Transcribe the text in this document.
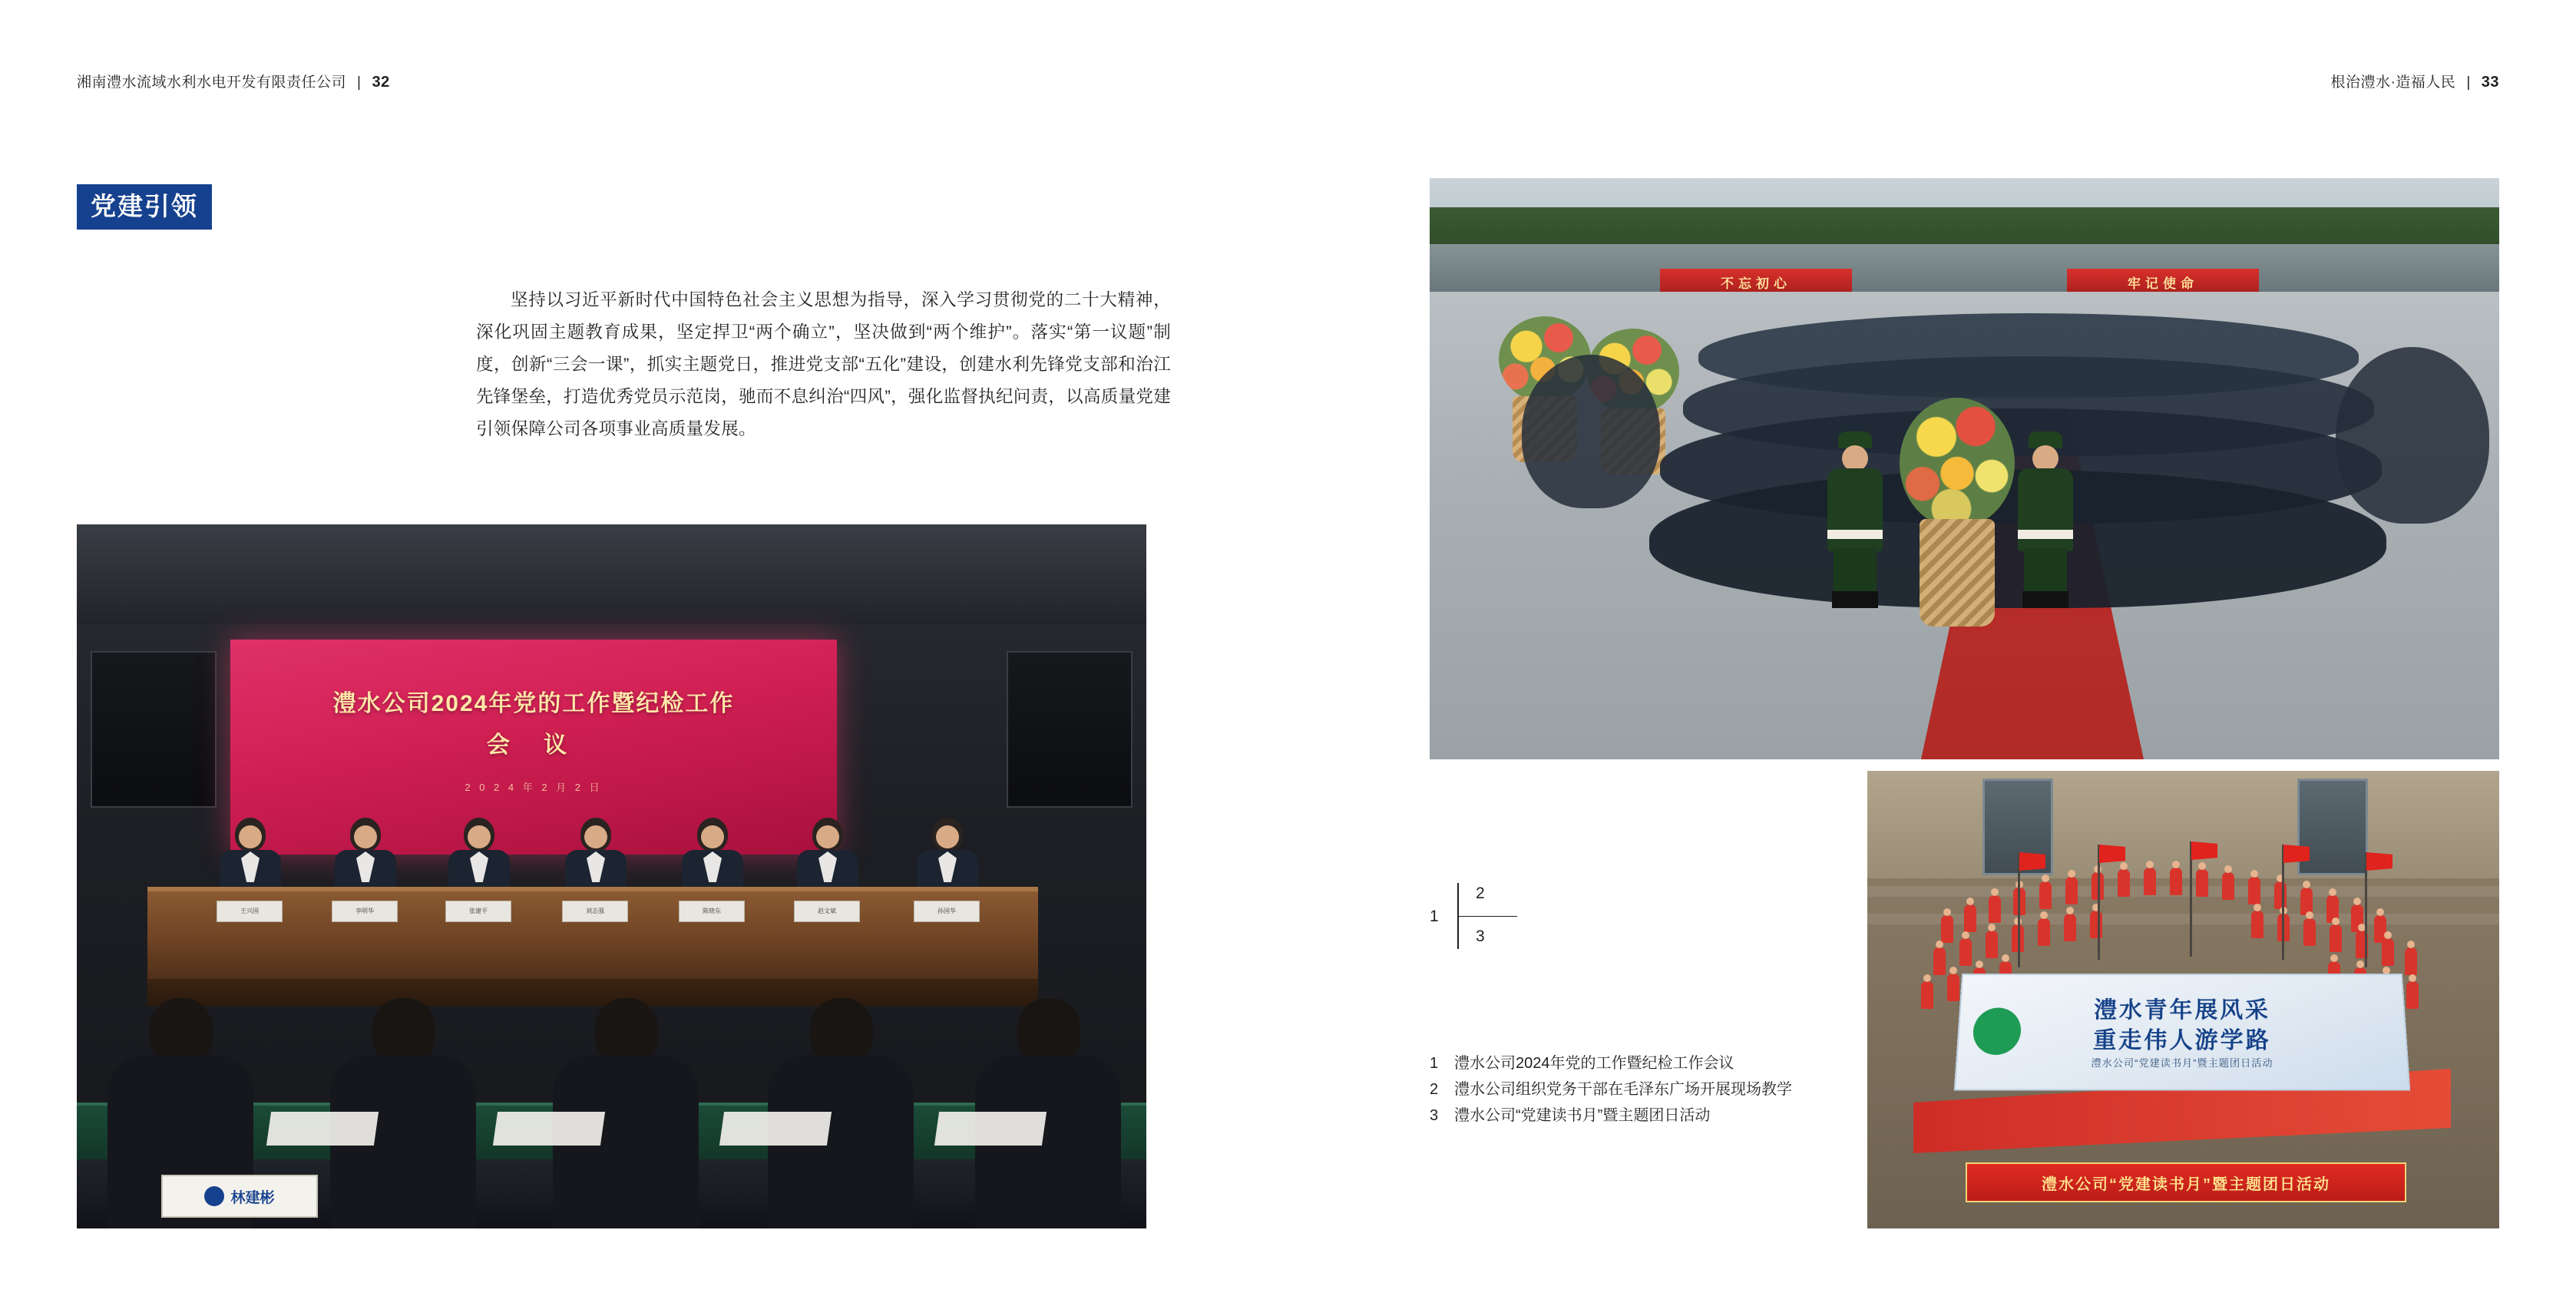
湘南澧水流域水利水电开发有限责任公司 | 32	根治澧水·造福人民 | 33
党建引领
坚持以习近平新时代中国特色社会主义思想为指导，深入学习贯彻党的二十大精神，深化巩固主题教育成果，坚定捍卫“两个确立”，坚决做到“两个维护”。落实“第一议题”制度，创新“三会一课”，抓实主题党日，推进党支部“五化”建设，创建水利先锋党支部和治江先锋堡垒，打造优秀党员示范岗，驰而不息纠治“四风”，强化监督执纪问责，以高质量党建引领保障公司各项事业高质量发展。
澧水公司2024年党的工作暨纪检工作
会 议
2 0 2 4 年 2 月 2 日
王兴国	李明华	张建平	刘志强	陈晓东	赵文斌	孙国华
林建彬
不忘初心	牢记使命
澧水青年展风采
重走伟人游学路
澧水公司“党建读书月”暨主题团日活动
澧水公司“党建读书月”暨主题团日活动
1
2
3
1 澧水公司2024年党的工作暨纪检工作会议
2 澧水公司组织党务干部在毛泽东广场开展现场教学
3 澧水公司“党建读书月”暨主题团日活动
